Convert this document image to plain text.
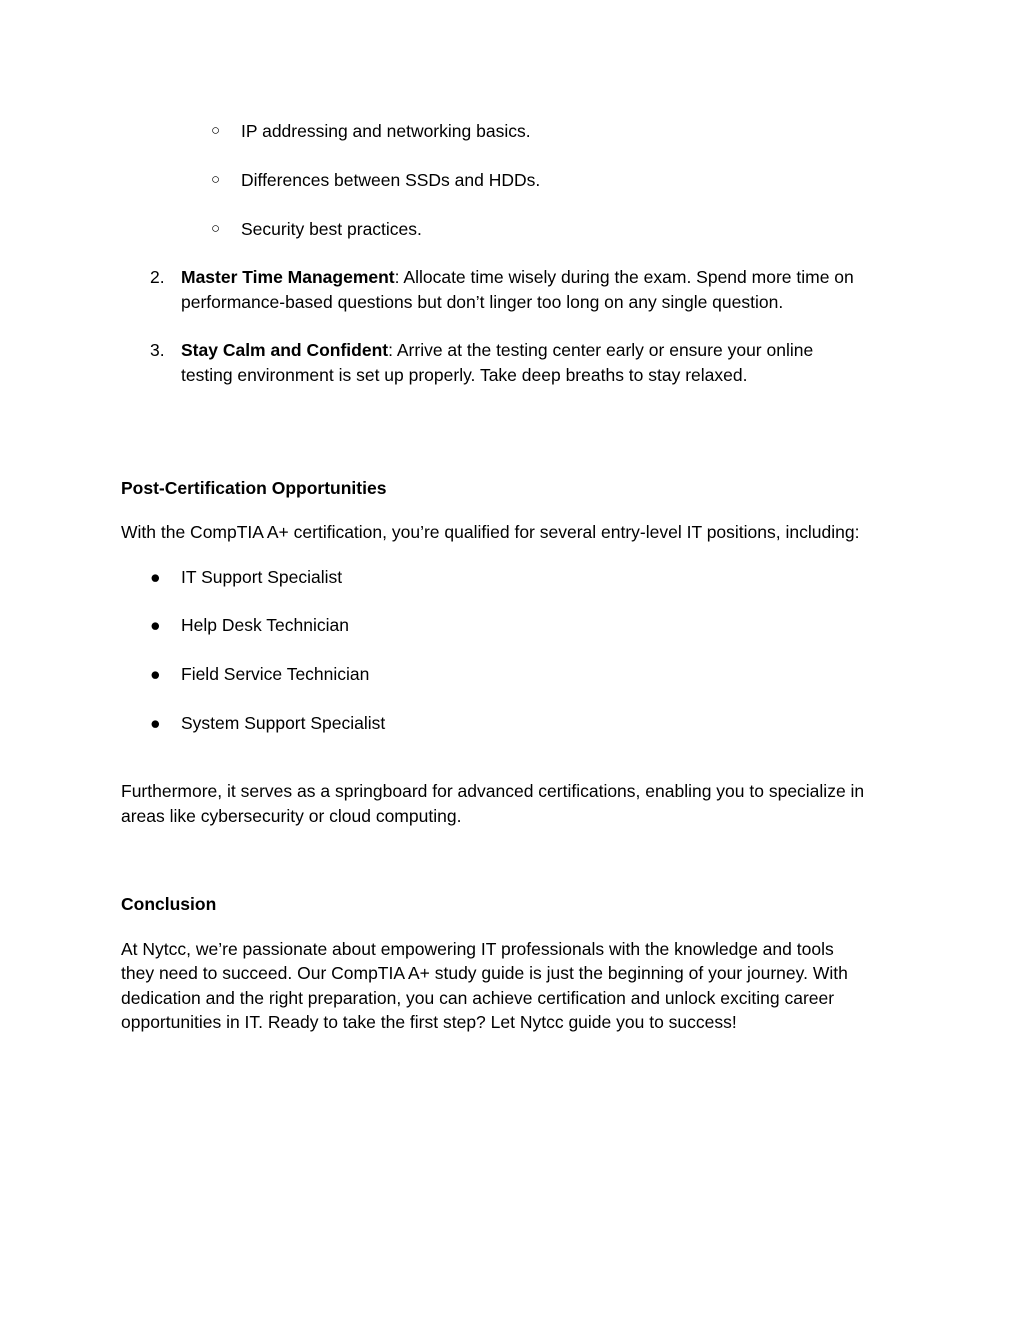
○ IP addressing and networking basics.
○ Differences between SSDs and HDDs.
○ Security best practices.
2. Master Time Management: Allocate time wisely during the exam. Spend more time on
performance-based questions but don’t linger too long on any single question.
3. Stay Calm and Confident: Arrive at the testing center early or ensure your online
testing environment is set up properly. Take deep breaths to stay relaxed.
Post-Certification Opportunities
With the CompTIA A+ certification, you’re qualified for several entry-level IT positions, including:
● IT Support Specialist
● Help Desk Technician
● Field Service Technician
● System Support Specialist
Furthermore, it serves as a springboard for advanced certifications, enabling you to specialize in
areas like cybersecurity or cloud computing.
Conclusion
At Nytcc, we’re passionate about empowering IT professionals with the knowledge and tools
they need to succeed. Our CompTIA A+ study guide is just the beginning of your journey. With
dedication and the right preparation, you can achieve certification and unlock exciting career
opportunities in IT. Ready to take the first step? Let Nytcc guide you to success!
